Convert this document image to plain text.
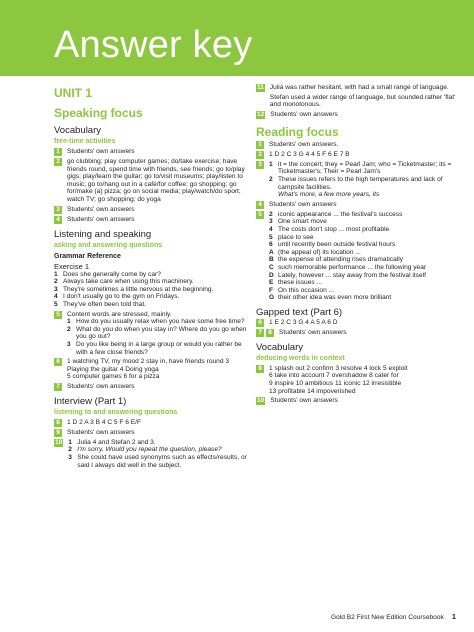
Answer key
UNIT 1
Speaking focus
Vocabulary
free-time activities
1	Students' own answers
2	go clubbing; play computer games; do/take exercise; have friends round, spend time with friends, see friends; go to/play gigs; play/learn the guitar; go to/visit museums; play/listen to music; go to/hang out in a café/for coffee; go shopping; go for/make (a) pizza; go on social media; play/watch/do sport; watch TV; go shopping; do yoga
3	Students' own answers
4	Students' own answers
Listening and speaking
asking and answering questions
Grammar Reference
Exercise 1
1 Does she generally come by car?
2 Always take care when using this machinery.
3 They're sometimes a little nervous at the beginning.
4 I don't usually go to the gym on Fridays.
5 They've often been told that.
5	Content words are stressed, mainly.
1 How do you usually relax when you have some free time?
2 What do you do when you stay in? Where do you go when you go out?
3 Do you like being in a large group or would you rather be with a few close friends?
6	1 watching TV, my mood 2 stay in, have friends round 3 Playing the guitar 4 Doing yoga
5 computer games 6 for a pizza
7	Students' own answers
Interview (Part 1)
listening to and answering questions
8	1 D 2 A 3 B 4 C 5 F 6 E/F
9	Students' own answers
10 1 Julia 4 and Stefan 2 and 3.
2 I'm sorry. Would you repeat the question, please?
3 She could have used synonyms such as effects/results, or said I always did well in the subject.
11 Julia was rather hesitant, with had a small range of language.
Stefan used a wider range of language, but sounded rather 'flat' and monotonous.
12 Students' own answers
Reading focus
1	Students' own answers.
2	1 D 2 C 3 G 4 4 5 F 6 E 7 B
3	1 it = the concert; they = Pearl Jam; who = Ticketmaster; its = Ticketmaster's; Their = Pearl Jam's
2 These issues refers to the high temperatures and lack of campsite facilities.
What's more, a few more years, its
4	Students' own answers
5	2 iconic appearance ... the festival's success
3 One smart move
4 The costs don't stop ... most profitable
5 place to see
6 until recently been outside festival hours
A (the appeal of) its location ...
B the expense of attending rises dramatically
C such memorable performance ... the following year
D Lately, however ... stay away from the festival itself
E these issues ...
F On this occasion ...
G their other idea was even more brilliant
Gapped text (Part 6)
6	1 E 2 C 3 G 4 A 5 A 6 D
7 8	Students' own answers
Vocabulary
deducing words in context
9	1 splash out 2 confirm 3 resolve 4 lock 5 exploit
6 take into account 7 overshadow 8 cater for
9 inspire 10 ambitious 11 iconic 12 irresistible
13 profitable 14 impoverished
10 Students' own answers
Gold B2 First New Edition Coursebook 1
